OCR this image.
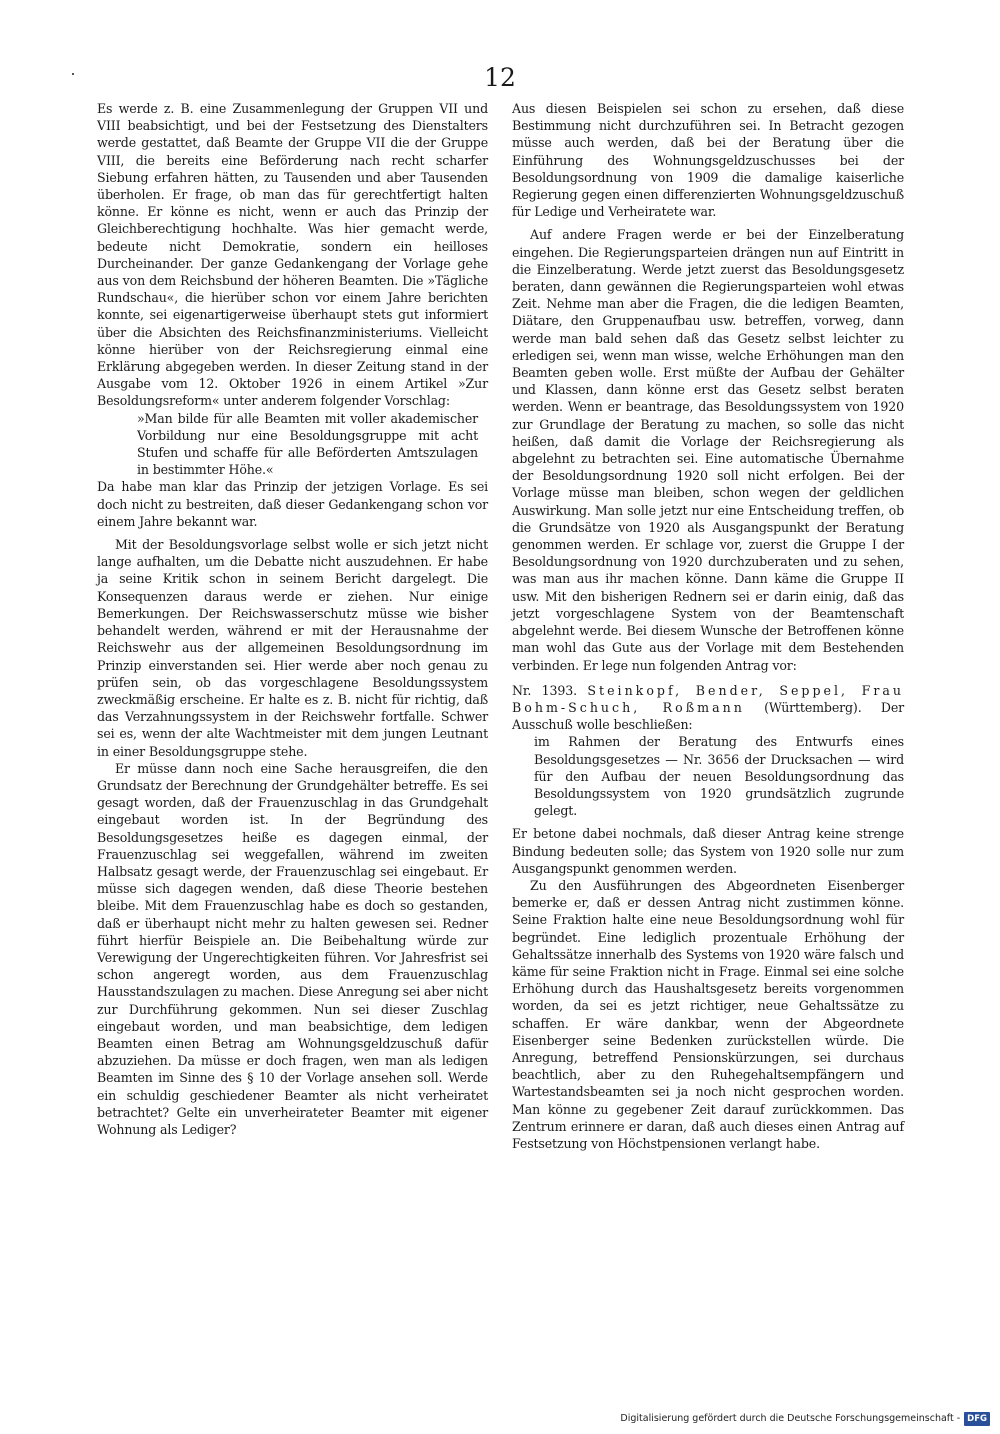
12

Es werde z. B. eine Zusammenlegung der Gruppen VII und VIII beabsichtigt, und bei der Festsetzung des Dienstalters werde gestattet, daß Beamte der Gruppe VII die der Gruppe VIII, die bereits eine Beförderung nach recht scharfer Siebung erfahren hätten, zu Tausenden und aber Tausenden überholen. Er frage, ob man das für gerechtfertigt halten könne. Er könne es nicht, wenn er auch das Prinzip der Gleichberechtigung hochhalte. Was hier gemacht werde, bedeute nicht Demokratie, sondern ein heilloses Durcheinander. Der ganze Gedankengang der Vorlage gehe aus von dem Reichsbund der höheren Beamten. Die »Tägliche Rundschau«, die hierüber schon vor einem Jahre berichten konnte, sei eigenartigerweise überhaupt stets gut informiert über die Absichten des Reichsfinanzministeriums. Vielleicht könne hierüber von der Reichsregierung einmal eine Erklärung abgegeben werden. In dieser Zeitung stand in der Ausgabe vom 12. Oktober 1926 in einem Artikel »Zur Besoldungsreform« unter anderem folgender Vorschlag:

»Man bilde für alle Beamten mit voller akademischer Vorbildung nur eine Besoldungsgruppe mit acht Stufen und schaffe für alle Beförderten Amtszulagen in bestimmter Höhe.«

Da habe man klar das Prinzip der jetzigen Vorlage. Es sei doch nicht zu bestreiten, daß dieser Gedankengang schon vor einem Jahre bekannt war.

Mit der Besoldungsvorlage selbst wolle er sich jetzt nicht lange aufhalten, um die Debatte nicht auszudehnen. Er habe ja seine Kritik schon in seinem Bericht dargelegt. Die Konsequenzen daraus werde er ziehen. Nur einige Bemerkungen. Der Reichswasserschutz müsse wie bisher behandelt werden, während er mit der Herausnahme der Reichswehr aus der allgemeinen Besoldungsordnung im Prinzip einverstanden sei. Hier werde aber noch genau zu prüfen sein, ob das vorgeschlagene Besoldungssystem zweckmäßig erscheine. Er halte es z. B. nicht für richtig, daß das Verzahnungssystem in der Reichswehr fortfalle. Schwer sei es, wenn der alte Wachtmeister mit dem jungen Leutnant in einer Besoldungsgruppe stehe.

Er müsse dann noch eine Sache herausgreifen, die den Grundsatz der Berechnung der Grundgehälter betreffe. Es sei gesagt worden, daß der Frauenzuschlag in das Grundgehalt eingebaut worden ist. In der Begründung des Besoldungsgesetzes heiße es dagegen einmal, der Frauenzuschlag sei weggefallen, während im zweiten Halbsatz gesagt werde, der Frauenzuschlag sei eingebaut. Er müsse sich dagegen wenden, daß diese Theorie bestehen bleibe. Mit dem Frauenzuschlag habe es doch so gestanden, daß er überhaupt nicht mehr zu halten gewesen sei. Redner führt hierfür Beispiele an. Die Beibehaltung würde zur Verewigung der Ungerechtigkeiten führen. Vor Jahresfrist sei schon angeregt worden, aus dem Frauenzuschlag Hausstandszulagen zu machen. Diese Anregung sei aber nicht zur Durchführung gekommen. Nun sei dieser Zuschlag eingebaut worden, und man beabsichtige, dem ledigen Beamten einen Betrag am Wohnungsgeldzuschuß dafür abzuziehen. Da müsse er doch fragen, wen man als ledigen Beamten im Sinne des § 10 der Vorlage ansehen soll. Werde ein schuldig geschiedener Beamter als nicht verheiratet betrachtet? Gelte ein unverheirateter Beamter mit eigener Wohnung als Lediger?

Aus diesen Beispielen sei schon zu ersehen, daß diese Bestimmung nicht durchzuführen sei. In Betracht gezogen müsse auch werden, daß bei der Beratung über die Einführung des Wohnungsgeldzuschusses bei der Besoldungsordnung von 1909 die damalige kaiserliche Regierung gegen einen differenzierten Wohnungsgeldzuschuß für Ledige und Verheiratete war.

Auf andere Fragen werde er bei der Einzelberatung eingehen. Die Regierungsparteien drängen nun auf Eintritt in die Einzelberatung. Werde jetzt zuerst das Besoldungsgesetz beraten, dann gewännen die Regierungsparteien wohl etwas Zeit. Nehme man aber die Fragen, die die ledigen Beamten, Diätare, den Gruppenaufbau usw. betreffen, vorweg, dann werde man bald sehen daß das Gesetz selbst leichter zu erledigen sei, wenn man wisse, welche Erhöhungen man den Beamten geben wolle. Erst müßte der Aufbau der Gehälter und Klassen, dann könne erst das Gesetz selbst beraten werden. Wenn er beantrage, das Besoldungssystem von 1920 zur Grundlage der Beratung zu machen, so solle das nicht heißen, daß damit die Vorlage der Reichsregierung als abgelehnt zu betrachten sei. Eine automatische Übernahme der Besoldungsordnung 1920 soll nicht erfolgen. Bei der Vorlage müsse man bleiben, schon wegen der geldlichen Auswirkung. Man solle jetzt nur eine Entscheidung treffen, ob die Grundsätze von 1920 als Ausgangspunkt der Beratung genommen werden. Er schlage vor, zuerst die Gruppe I der Besoldungsordnung von 1920 durchzuberaten und zu sehen, was man aus ihr machen könne. Dann käme die Gruppe II usw. Mit den bisherigen Rednern sei er darin einig, daß das jetzt vorgeschlagene System von der Beamtenschaft abgelehnt werde. Bei diesem Wunsche der Betroffenen könne man wohl das Gute aus der Vorlage mit dem Bestehenden verbinden. Er lege nun folgenden Antrag vor:

Nr. 1393. Steinkopf, Bender, Seppel, Frau Bohm-Schuch, Roßmann (Württemberg). Der Ausschuß wolle beschließen:

im Rahmen der Beratung des Entwurfs eines Besoldungsgesetzes — Nr. 3656 der Drucksachen — wird für den Aufbau der neuen Besoldungsordnung das Besoldungssystem von 1920 grundsätzlich zugrunde gelegt.

Er betone dabei nochmals, daß dieser Antrag keine strenge Bindung bedeuten solle; das System von 1920 solle nur zum Ausgangspunkt genommen werden.

Zu den Ausführungen des Abgeordneten Eisenberger bemerke er, daß er dessen Antrag nicht zustimmen könne. Seine Fraktion halte eine neue Besoldungsordnung wohl für begründet. Eine lediglich prozentuale Erhöhung der Gehaltssätze innerhalb des Systems von 1920 wäre falsch und käme für seine Fraktion nicht in Frage. Einmal sei eine solche Erhöhung durch das Haushaltsgesetz bereits vorgenommen worden, da sei es jetzt richtiger, neue Gehaltssätze zu schaffen. Er wäre dankbar, wenn der Abgeordnete Eisenberger seine Bedenken zurückstellen würde. Die Anregung, betreffend Pensionskürzungen, sei durchaus beachtlich, aber zu den Ruhegehaltsempfängern und Wartestandsbeamten sei ja noch nicht gesprochen worden. Man könne zu gegebener Zeit darauf zurückkommen. Das Zentrum erinnere er daran, daß auch dieses einen Antrag auf Festsetzung von Höchstpensionen verlangt habe.

Digitalisierung gefördert durch die Deutsche Forschungsgemeinschaft - DFG
